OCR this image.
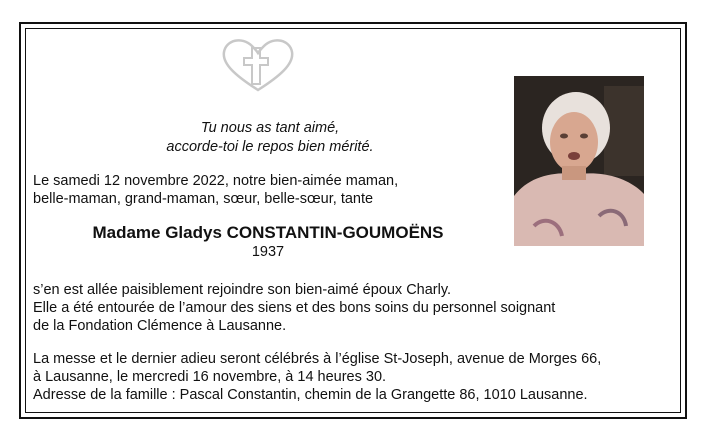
Tu nous as tant aimé,
accorde-toi le repos bien mérité.
Le samedi 12 novembre 2022, notre bien-aimée maman,
belle-maman, grand-maman, sœur, belle-sœur, tante
Madame Gladys CONSTANTIN-GOUMOËNS
1937
s’en est allée paisiblement rejoindre son bien-aimé époux Charly.
Elle a été entourée de l’amour des siens et des bons soins du personnel soignant
de la Fondation Clémence à Lausanne.
La messe et le dernier adieu seront célébrés à l’église St-Joseph, avenue de Morges 66,
à Lausanne, le mercredi 16 novembre, à 14 heures 30.
Adresse de la famille : Pascal Constantin, chemin de la Grangette 86, 1010 Lausanne.
